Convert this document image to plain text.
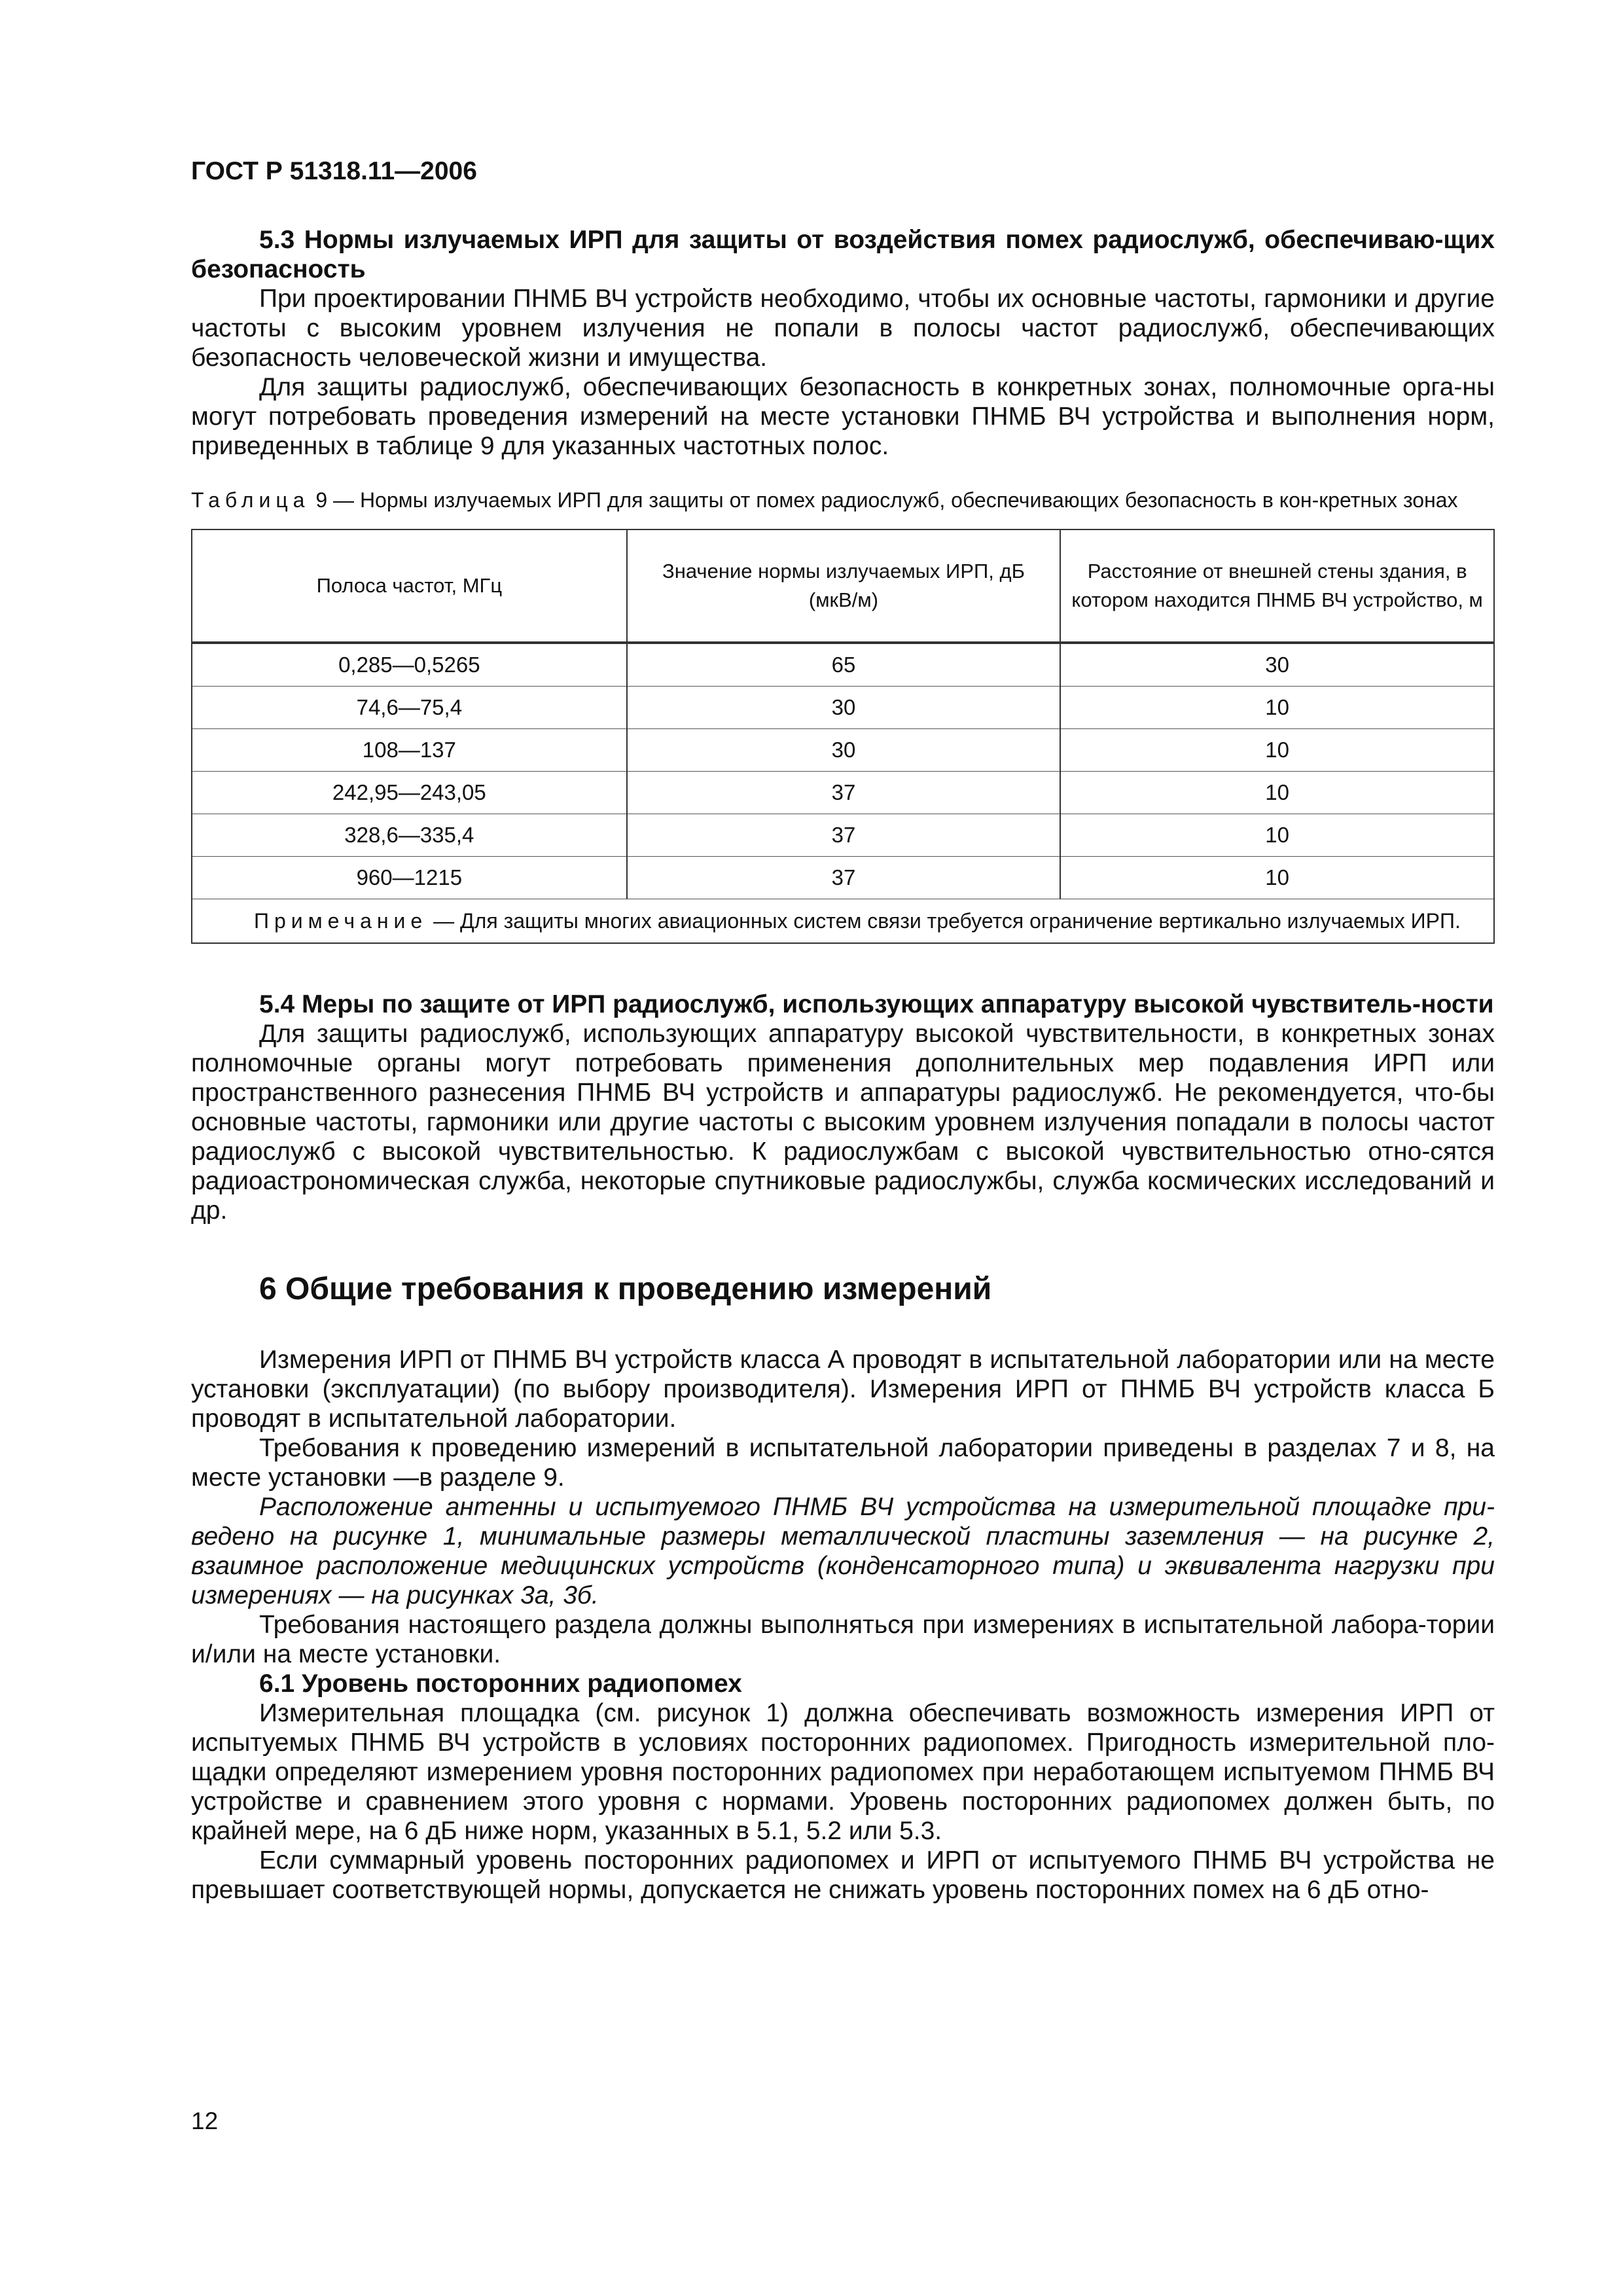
ГОСТ Р 51318.11—2006

5.3 Нормы излучаемых ИРП для защиты от воздействия помех радиослужб, обеспечиваю-щих безопасность

При проектировании ПНМБ ВЧ устройств необходимо, чтобы их основные частоты, гармоники и другие частоты с высоким уровнем излучения не попали в полосы частот радиослужб, обеспечивающих безопасность человеческой жизни и имущества.

Для защиты радиослужб, обеспечивающих безопасность в конкретных зонах, полномочные орга-ны могут потребовать проведения измерений на месте установки ПНМБ ВЧ устройства и выполнения норм, приведенных в таблице 9 для указанных частотных полос.

Таблица 9 — Нормы излучаемых ИРП для защиты от помех радиослужб, обеспечивающих безопасность в кон-кретных зонах
Полоса частот, МГц	Значение нормы излучаемых ИРП, дБ (мкВ/м)	Расстояние от внешней стены здания, в котором находится ПНМБ ВЧ устройство, м
0,285—0,5265	65	30
74,6—75,4	30	10
108—137	30	10
242,95—243,05	37	10
328,6—335,4	37	10
960—1215	37	10
Примечание — Для защиты многих авиационных систем связи требуется ограничение вертикально излучаемых ИРП.		

5.4 Меры по защите от ИРП радиослужб, использующих аппаратуру высокой чувствитель-ности

Для защиты радиослужб, использующих аппаратуру высокой чувствительности, в конкретных зонах полномочные органы могут потребовать применения дополнительных мер подавления ИРП или пространственного разнесения ПНМБ ВЧ устройств и аппаратуры радиослужб. Не рекомендуется, что-бы основные частоты, гармоники или другие частоты с высоким уровнем излучения попадали в полосы частот радиослужб с высокой чувствительностью. К радиослужбам с высокой чувствительностью отно-сятся радиоастрономическая служба, некоторые спутниковые радиослужбы, служба космических исследований и др.

6 Общие требования к проведению измерений

Измерения ИРП от ПНМБ ВЧ устройств класса А проводят в испытательной лаборатории или на месте установки (эксплуатации) (по выбору производителя). Измерения ИРП от ПНМБ ВЧ устройств класса Б проводят в испытательной лаборатории.

Требования к проведению измерений в испытательной лаборатории приведены в разделах 7 и 8, на месте установки —в разделе 9.

Расположение антенны и испытуемого ПНМБ ВЧ устройства на измерительной площадке при-ведено на рисунке 1, минимальные размеры металлической пластины заземления — на рисунке 2, взаимное расположение медицинских устройств (конденсаторного типа) и эквивалента нагрузки при измерениях — на рисунках 3а, 3б.

Требования настоящего раздела должны выполняться при измерениях в испытательной лабора-тории и/или на месте установки.

6.1 Уровень посторонних радиопомех

Измерительная площадка (см. рисунок 1) должна обеспечивать возможность измерения ИРП от испытуемых ПНМБ ВЧ устройств в условиях посторонних радиопомех. Пригодность измерительной пло-щадки определяют измерением уровня посторонних радиопомех при неработающем испытуемом ПНМБ ВЧ устройстве и сравнением этого уровня с нормами. Уровень посторонних радиопомех должен быть, по крайней мере, на 6 дБ ниже норм, указанных в 5.1, 5.2 или 5.3.

Если суммарный уровень посторонних радиопомех и ИРП от испытуемого ПНМБ ВЧ устройства не превышает соответствующей нормы, допускается не снижать уровень посторонних помех на 6 дБ отно-

12
